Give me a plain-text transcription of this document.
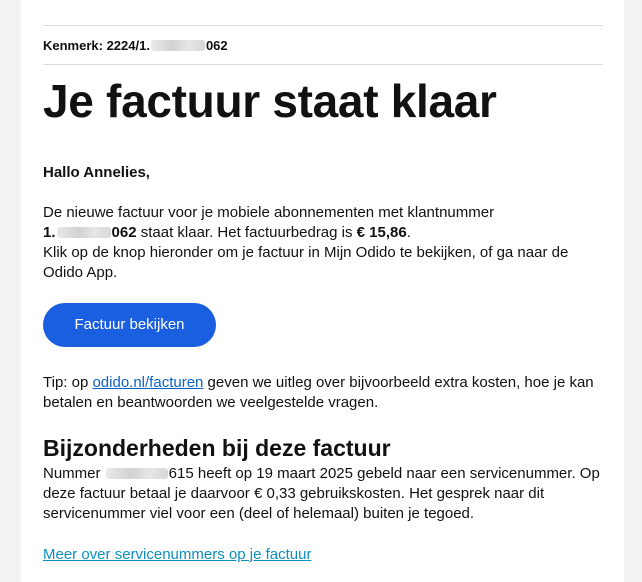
Kenmerk: 2224/1.	062
Je factuur staat klaar
Hallo Annelies,
De nieuwe factuur voor je mobiele abonnementen met klantnummer
1.	062 staat klaar. Het factuurbedrag is € 15,86.
Klik op de knop hieronder om je factuur in Mijn Odido te bekijken, of ga naar de Odido App.
Factuur bekijken
Tip: op odido.nl/facturen geven we uitleg over bijvoorbeeld extra kosten, hoe je kan betalen en beantwoorden we veelgestelde vragen.
Bijzonderheden bij deze factuur
Nummer	615 heeft op 19 maart 2025 gebeld naar een servicenummer. Op deze factuur betaal je daarvoor € 0,33 gebruikskosten. Het gesprek naar dit servicenummer viel voor een (deel of helemaal) buiten je tegoed.
Meer over servicenummers op je factuur
